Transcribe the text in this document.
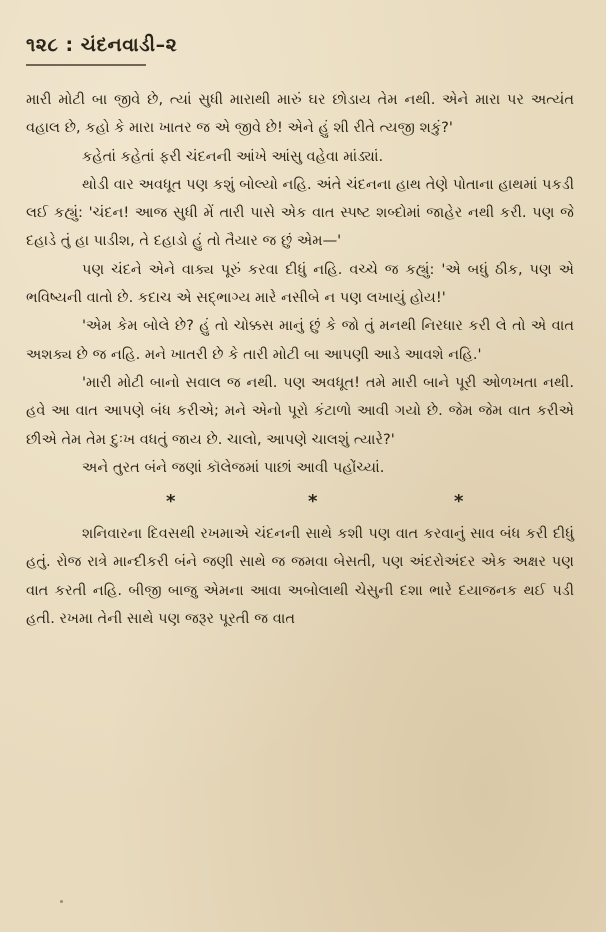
૧૨૮ : ચંદનવાડી–૨

મારી મોટી બા જીવે છે, ત્યાં સુધી મારાથી મારું ઘર છોડાય તેમ નથી. એને મારા પર અત્યંત વહાલ છે, કહો કે મારા ખાતર જ એ જીવે છે! એને હું શી રીતે ત્યજી શકું?'

કહેતાં કહેતાં ફરી ચંદનની આંખે આંસુ વહેવા માંડ્યાં.

થોડી વાર અવધૂત પણ કશું બોલ્યો નહિ. અંતે ચંદનના હાથ તેણે પોતાના હાથમાં પકડી લઈ કહ્યું: 'ચંદન! આજ સુધી મેં તારી પાસે એક વાત સ્પષ્ટ શબ્દોમાં જાહેર નથી કરી. પણ જે દહાડે તું હા પાડીશ, તે દહાડો હું તો તૈયાર જ છું એમ—'

પણ ચંદને એને વાક્ય પૂરું કરવા દીધું નહિ. વચ્ચે જ કહ્યું: 'એ બધું ઠીક, પણ એ ભવિષ્યની વાતો છે. કદાચ એ સદ્ભાગ્ય મારે નસીબે ન પણ લખાયું હોય!'

'એમ કેમ બોલે છે? હું તો ચોક્કસ માનું છું કે જો તું મનથી નિરધાર કરી લે તો એ વાત અશક્ય છે જ નહિ. મને ખાતરી છે કે તારી મોટી બા આપણી આડે આવશે નહિ.'

'મારી મોટી બાનો સવાલ જ નથી. પણ અવધૂત! તમે મારી બાને પૂરી ઓળખતા નથી. હવે આ વાત આપણે બંધ કરીએ; મને એનો પૂરો કંટાળો આવી ગયો છે. જેમ જેમ વાત કરીએ છીએ તેમ તેમ દુઃખ વધતું જાય છે. ચાલો, આપણે ચાલશું ત્યારે?'

અને તુરત બંને જણાં કૉલેજમાં પાછાં આવી પહોંચ્યાં.

*	*	*

શનિવારના દિવસથી રખમાએ ચંદનની સાથે કશી પણ વાત કરવાનું સાવ બંધ કરી દીધું હતું. રોજ રાત્રે માન્દીકરી બંને જણી સાથે જ જમવા બેસતી, પણ અંદરોઅંદર એક અક્ષર પણ વાત કરતી નહિ. બીજી બાજુ એમના આવા અબોલાથી ચેસુની દશા ભારે દયાજનક થઈ પડી હતી. રખમા તેની સાથે પણ જરૂર પૂરતી જ વાત
